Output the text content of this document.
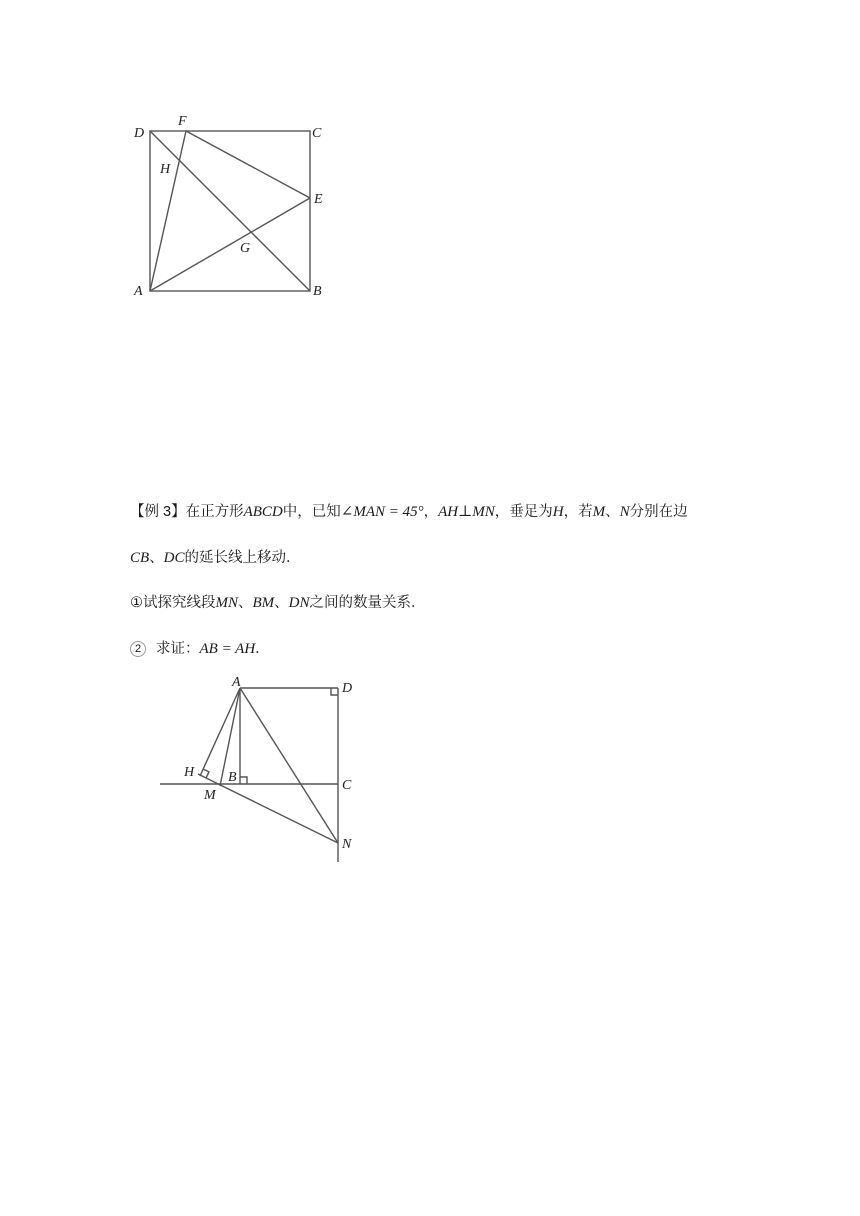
D
F
C
H
E
G
A	B
【例 3】在正方形ABCD中，已知∠MAN = 45°，AH⊥MN，垂足为H，若M、N分别在边
CB、DC的延长线上移动．
①试探究线段MN、BM、DN之间的数量关系．
2 求证：AB = AH．
A	D
H B
C
M
N
